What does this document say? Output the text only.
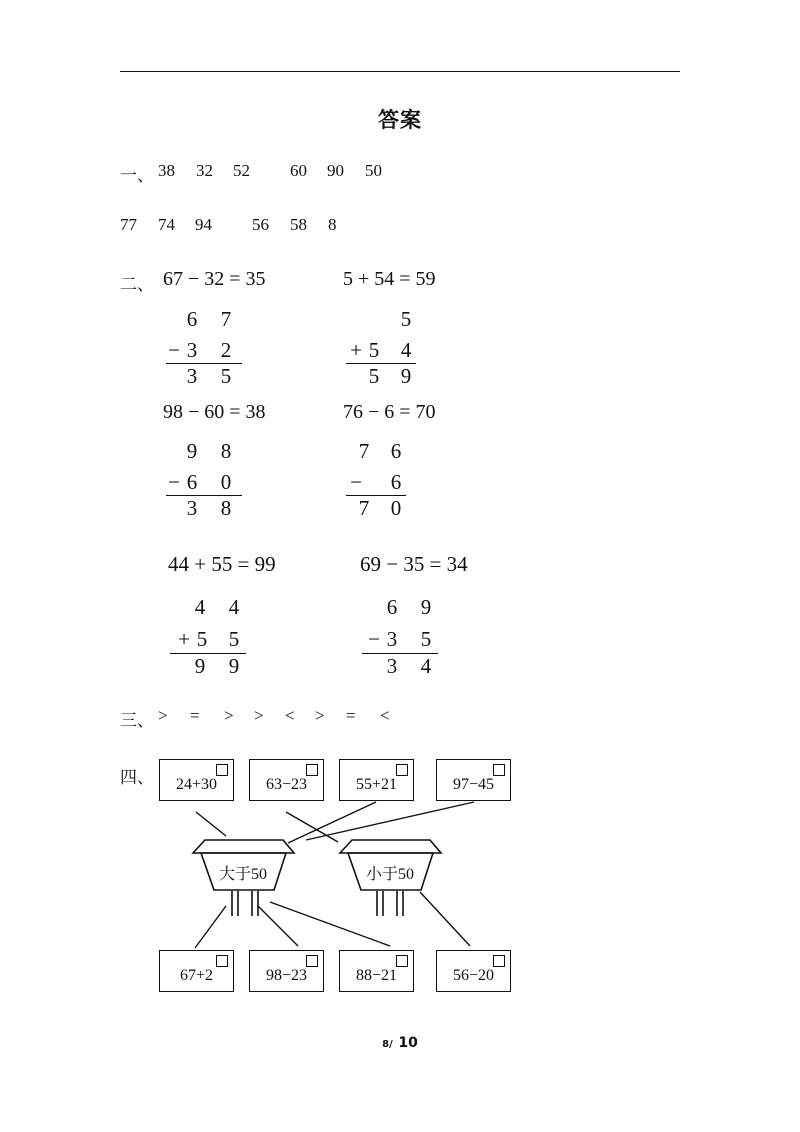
答案
一、 38 32 52 60 90 50
77 74 94 56 58 8
二、 67 − 32 = 35
6 7
− 3 2
3 5
5 + 54 = 59
5
+ 5 4
5 9
98 − 60 = 38
9 8
− 6 0
3 8
76 − 6 = 70
7 6
− 6
7 0
44 + 55 = 99
4 4
+ 5 5
9 9
69 − 35 = 34
6 9
− 3 5
3 4
三、 > = > > < > = <
四、
大于50	小于50
24+30	63−23	55+21	97−45
67+2	98−23	88−21	56−20
8/ 10
